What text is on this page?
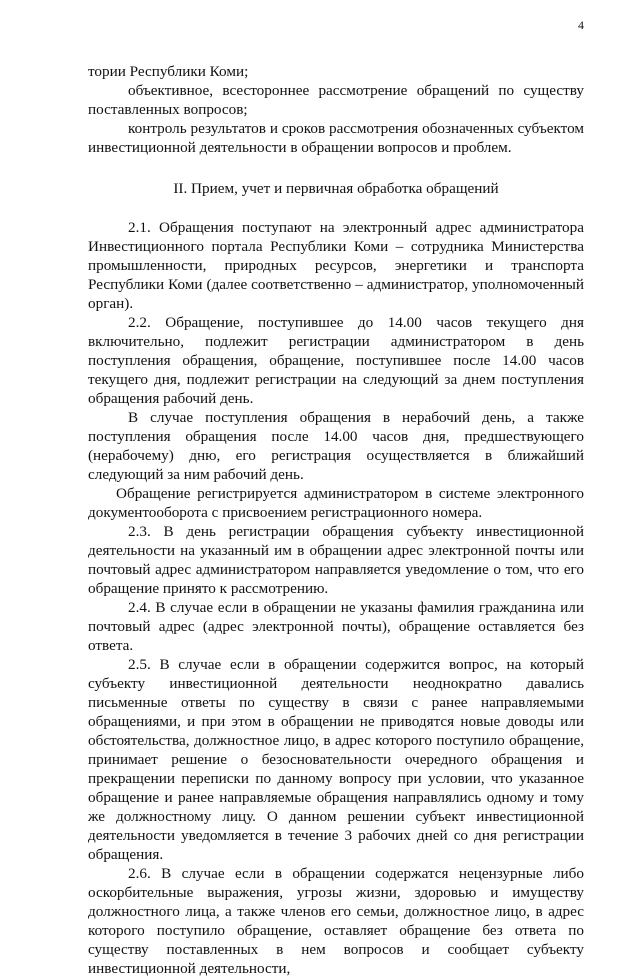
4

тории Республики Коми;

объективное, всестороннее рассмотрение обращений по существу поставленных вопросов;

контроль результатов и сроков рассмотрения обозначенных субъектом инвестиционной деятельности в обращении вопросов и проблем.

II. Прием, учет и первичная обработка обращений

2.1. Обращения поступают на электронный адрес администратора Инвестиционного портала Республики Коми – сотрудника Министерства промышленности, природных ресурсов, энергетики и транспорта Республики Коми (далее соответственно – администратор, уполномоченный орган).

2.2. Обращение, поступившее до 14.00 часов текущего дня включительно, подлежит регистрации администратором в день поступления обращения, обращение, поступившее после 14.00 часов текущего дня, подлежит регистрации на следующий за днем поступления обращения рабочий день.

В случае поступления обращения в нерабочий день, а также поступления обращения после 14.00 часов дня, предшествующего (нерабочему) дню, его регистрация осуществляется в ближайший следующий за ним рабочий день.

Обращение регистрируется администратором в системе электронного документооборота с присвоением регистрационного номера.

2.3. В день регистрации обращения субъекту инвестиционной деятельности на указанный им в обращении адрес электронной почты или почтовый адрес администратором направляется уведомление о том, что его обращение принято к рассмотрению.

2.4. В случае если в обращении не указаны фамилия гражданина или почтовый адрес (адрес электронной почты), обращение оставляется без ответа.

2.5. В случае если в обращении содержится вопрос, на который субъекту инвестиционной деятельности неоднократно давались письменные ответы по существу в связи с ранее направляемыми обращениями, и при этом в обращении не приводятся новые доводы или обстоятельства, должностное лицо, в адрес которого поступило обращение, принимает решение о безосновательности очередного обращения и прекращении переписки по данному вопросу при условии, что указанное обращение и ранее направляемые обращения направлялись одному и тому же должностному лицу. О данном решении субъект инвестиционной деятельности уведомляется в течение 3 рабочих дней со дня регистрации обращения.

2.6. В случае если в обращении содержатся нецензурные либо оскорбительные выражения, угрозы жизни, здоровью и имуществу должностного лица, а также членов его семьи, должностное лицо, в адрес которого поступило обращение, оставляет обращение без ответа по существу поставленных в нем вопросов и сообщает субъекту инвестиционной деятельности,
